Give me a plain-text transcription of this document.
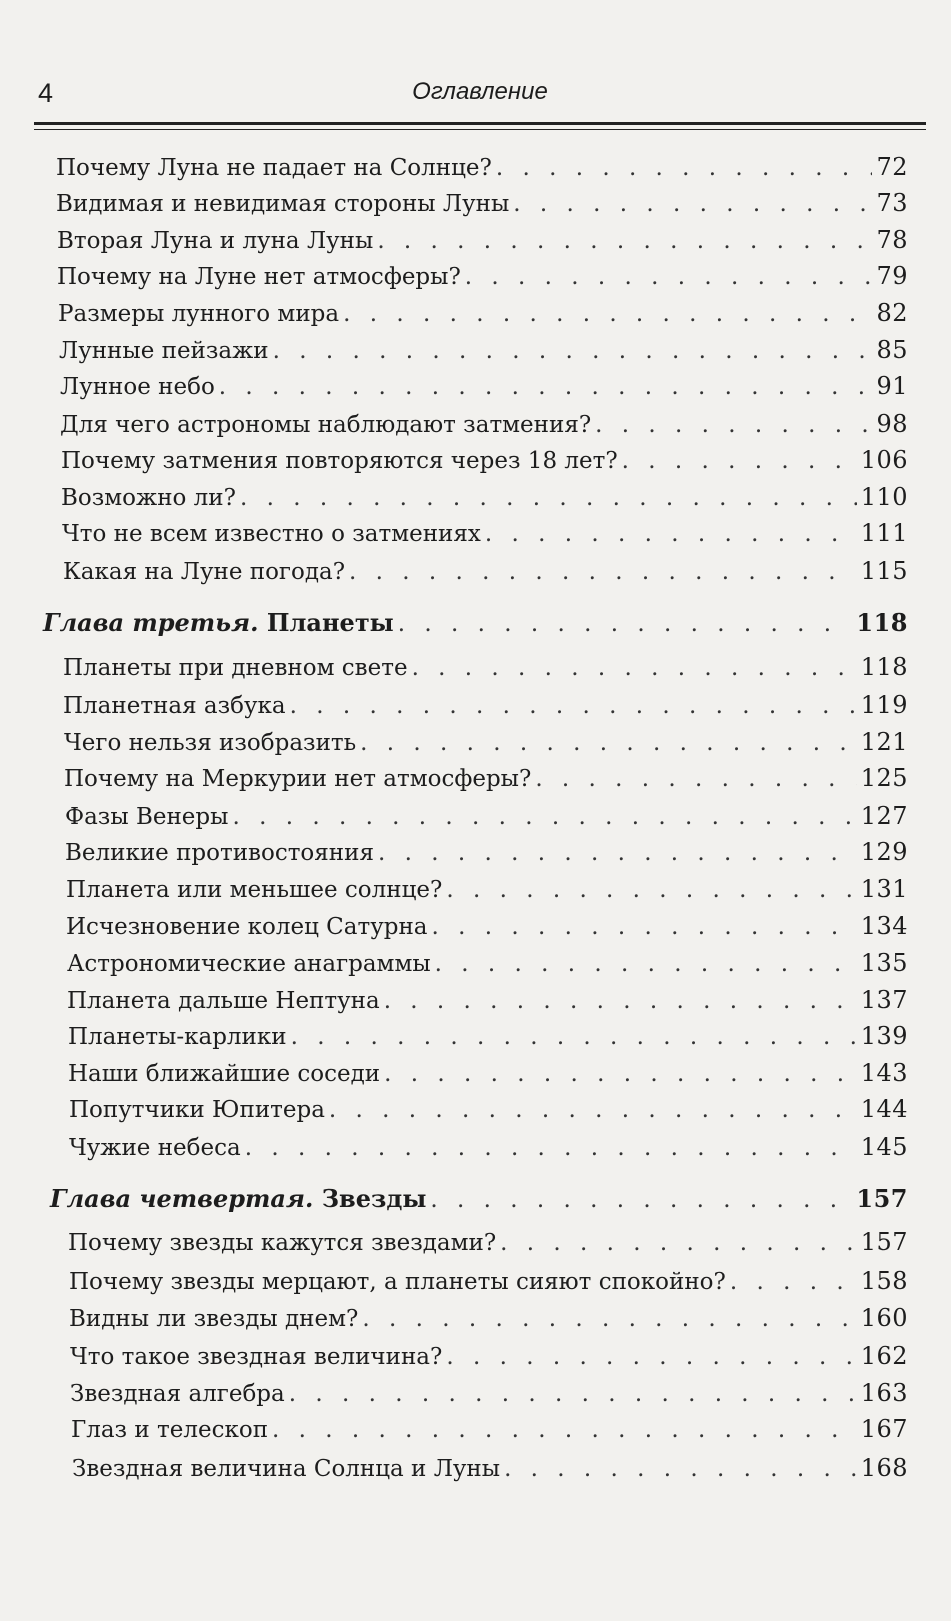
4	Оглавление
Почему Луна не падает на Солнце? . . .	72
Видимая и невидимая стороны Луны . . .	73
Вторая Луна и луна Луны . . .	78
Почему на Луне нет атмосферы? . . .	79
Размеры лунного мира . . .	82
Лунные пейзажи . . .	85
Лунное небо . . .	91
Для чего астрономы наблюдают затмения? . . .	98
Почему затмения повторяются через 18 лет? . . .	106
Возможно ли? . . .	110
Что не всем известно о затмениях . . .	111
Какая на Луне погода? . . .	115
Глава третья. Планеты . . .	118
Планеты при дневном свете . . .	118
Планетная азбука . . .	119
Чего нельзя изобразить . . .	121
Почему на Меркурии нет атмосферы? . . .	125
Фазы Венеры . . .	127
Великие противостояния . . .	129
Планета или меньшее солнце? . . .	131
Исчезновение колец Сатурна . . .	134
Астрономические анаграммы . . .	135
Планета дальше Нептуна . . .	137
Планеты-карлики . . .	139
Наши ближайшие соседи . . .	143
Попутчики Юпитера . . .	144
Чужие небеса . . .	145
Глава четвертая. Звезды . . .	157
Почему звезды кажутся звездами? . . .	157
Почему звезды мерцают, а планеты сияют спокойно? . . .	158
Видны ли звезды днем? . . .	160
Что такое звездная величина? . . .	162
Звездная алгебра . . .	163
Глаз и телескоп . . .	167
Звездная величина Солнца и Луны . . .	168
